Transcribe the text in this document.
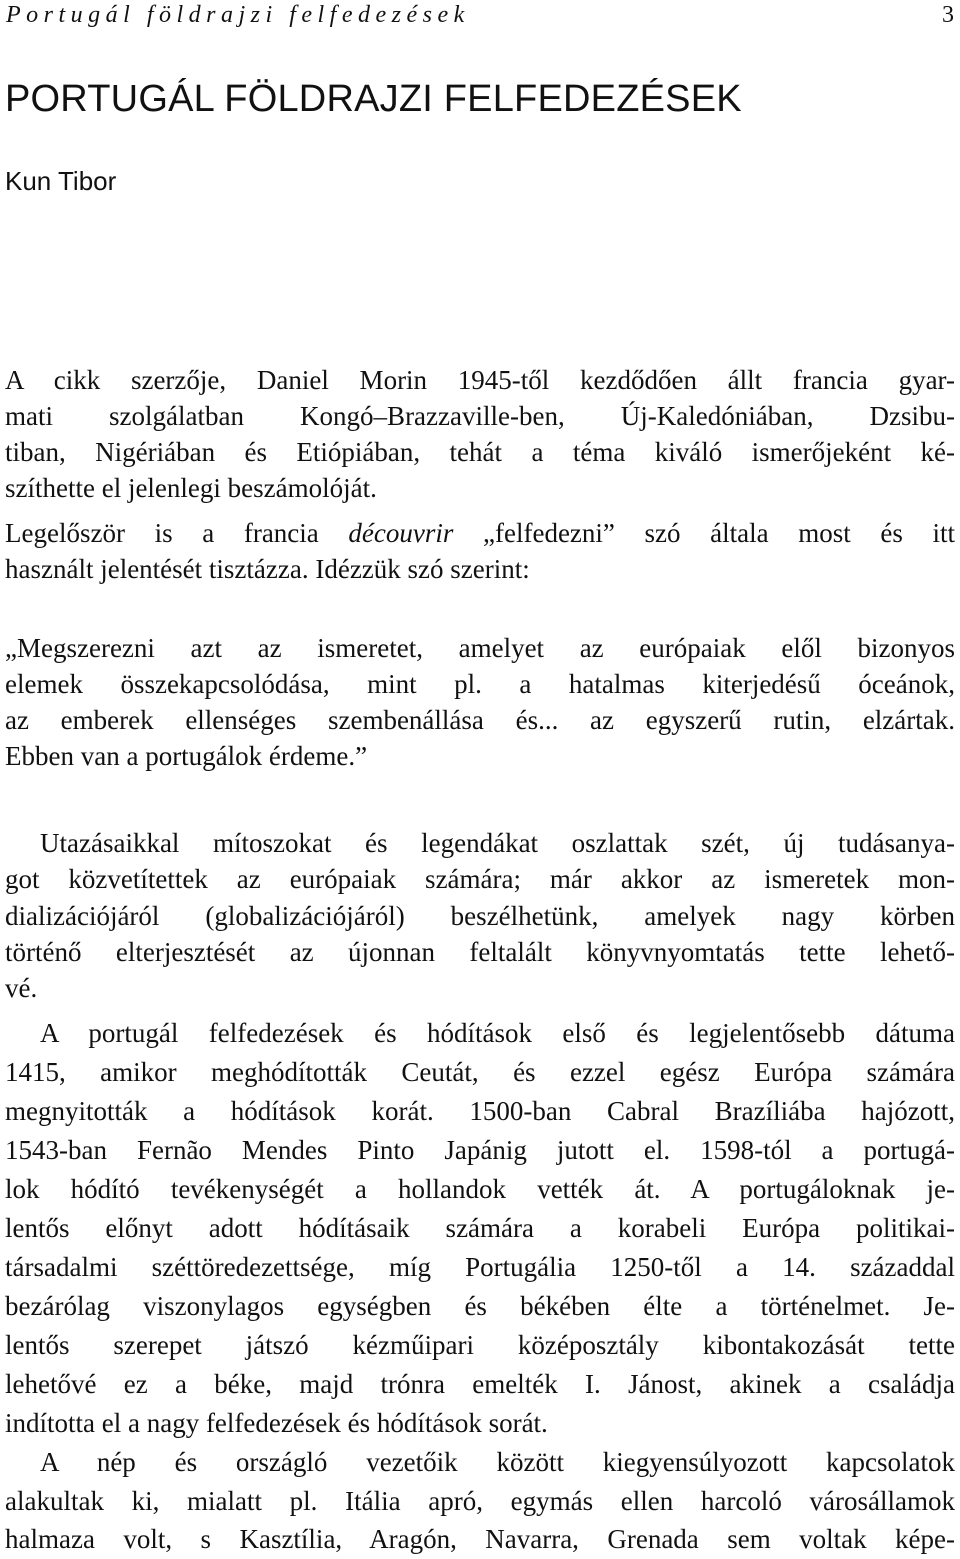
Portugál földrajzi felfedezések	3
PORTUGÁL FÖLDRAJZI FELFEDEZÉSEK
Kun Tibor
A cikk szerzője, Daniel Morin 1945-től kezdődően állt francia gyar-
mati szolgálatban Kongó–Brazzaville-ben, Új-Kaledóniában, Dzsibu-
tiban, Nigériában és Etiópiában, tehát a téma kiváló ismerőjeként ké-
szíthette el jelenlegi beszámolóját.
Legelőször is a francia découvrir „felfedezni” szó általa most és itt
használt jelentését tisztázza. Idézzük szó szerint:
„Megszerezni azt az ismeretet, amelyet az európaiak elől bizonyos
elemek összekapcsolódása, mint pl. a hatalmas kiterjedésű óceánok,
az emberek ellenséges szembenállása és... az egyszerű rutin, elzártak.
Ebben van a portugálok érdeme.”
Utazásaikkal mítoszokat és legendákat oszlattak szét, új tudásanya-
got közvetítettek az európaiak számára; már akkor az ismeretek mon-
dializációjáról (globalizációjáról) beszélhetünk, amelyek nagy körben
történő elterjesztését az újonnan feltalált könyvnyomtatás tette lehető-
vé.
A portugál felfedezések és hódítások első és legjelentősebb dátuma
1415, amikor meghódították Ceutát, és ezzel egész Európa számára
megnyitották a hódítások korát. 1500-ban Cabral Brazíliába hajózott,
1543-ban Fernão Mendes Pinto Japánig jutott el. 1598-tól a portugá-
lok hódító tevékenységét a hollandok vették át. A portugáloknak je-
lentős előnyt adott hódításaik számára a korabeli Európa politikai-
társadalmi széttöredezettsége, míg Portugália 1250-től a 14. századdal
bezárólag viszonylagos egységben és békében élte a történelmet. Je-
lentős szerepet játszó kézműipari középosztály kibontakozását tette
lehetővé ez a béke, majd trónra emelték I. Jánost, akinek a családja
indította el a nagy felfedezések és hódítások sorát.
A nép és országló vezetőik között kiegyensúlyozott kapcsolatok
alakultak ki, mialatt pl. Itália apró, egymás ellen harcoló városállamok
halmaza volt, s Kasztília, Aragón, Navarra, Grenada sem voltak képe-
